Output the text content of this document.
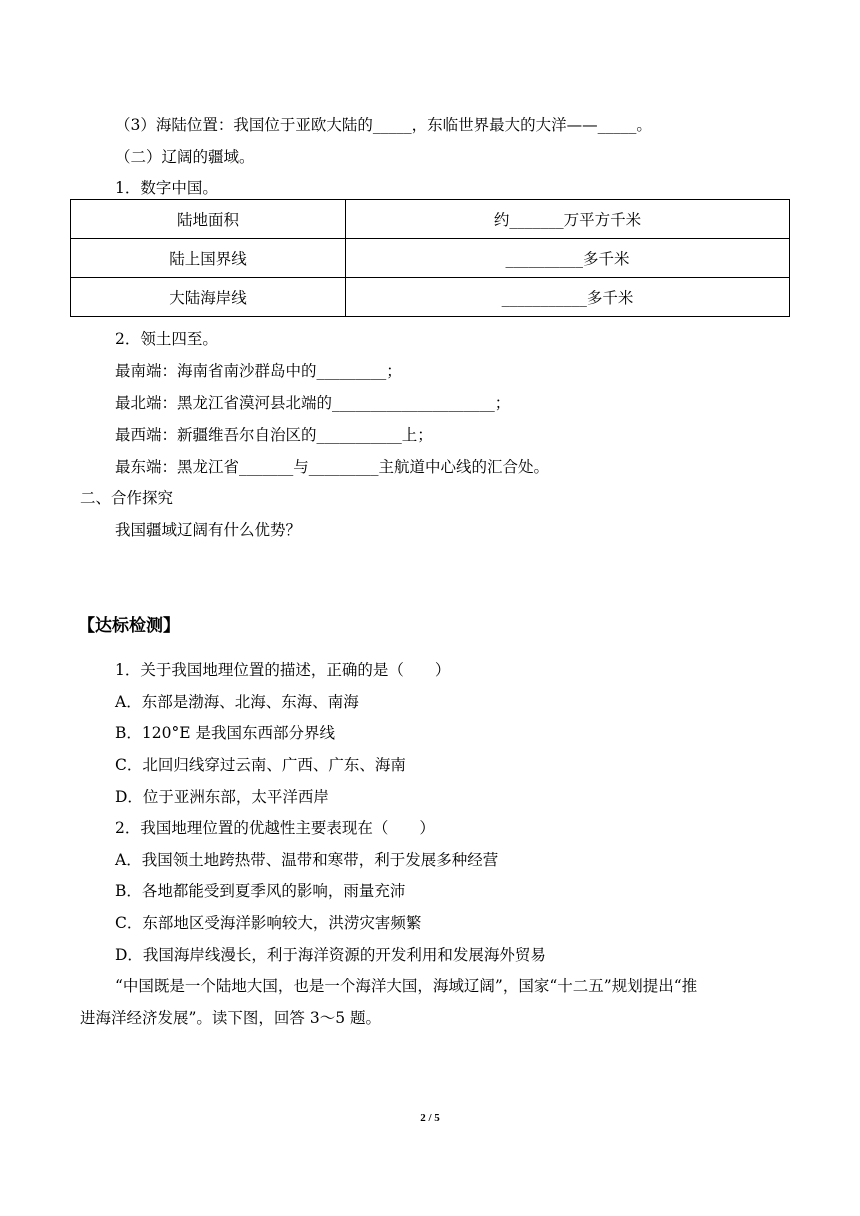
（3）海陆位置：我国位于亚欧大陆的_____，东临世界最大的大洋——_____。
（二）辽阔的疆域。
1．数字中国。
陆地面积	约_______万平方千米
陆上国界线	__________多千米
大陆海岸线	___________多千米
2．领土四至。
最南端：海南省南沙群岛中的_________；
最北端：黑龙江省漠河县北端的_____________________；
最西端：新疆维吾尔自治区的___________上；
最东端：黑龙江省_______与_________主航道中心线的汇合处。
二、合作探究
我国疆域辽阔有什么优势？
【达标检测】
1．关于我国地理位置的描述，正确的是（　　）
A．东部是渤海、北海、东海、南海
B．120°E 是我国东西部分界线
C．北回归线穿过云南、广西、广东、海南
D．位于亚洲东部，太平洋西岸
2．我国地理位置的优越性主要表现在（　　）
A．我国领土地跨热带、温带和寒带，利于发展多种经营
B．各地都能受到夏季风的影响，雨量充沛
C．东部地区受海洋影响较大，洪涝灾害频繁
D．我国海岸线漫长，利于海洋资源的开发利用和发展海外贸易
“中国既是一个陆地大国，也是一个海洋大国，海域辽阔”，国家“十二五”规划提出“推
进海洋经济发展”。读下图，回答 3～5 题。
2 / 5
